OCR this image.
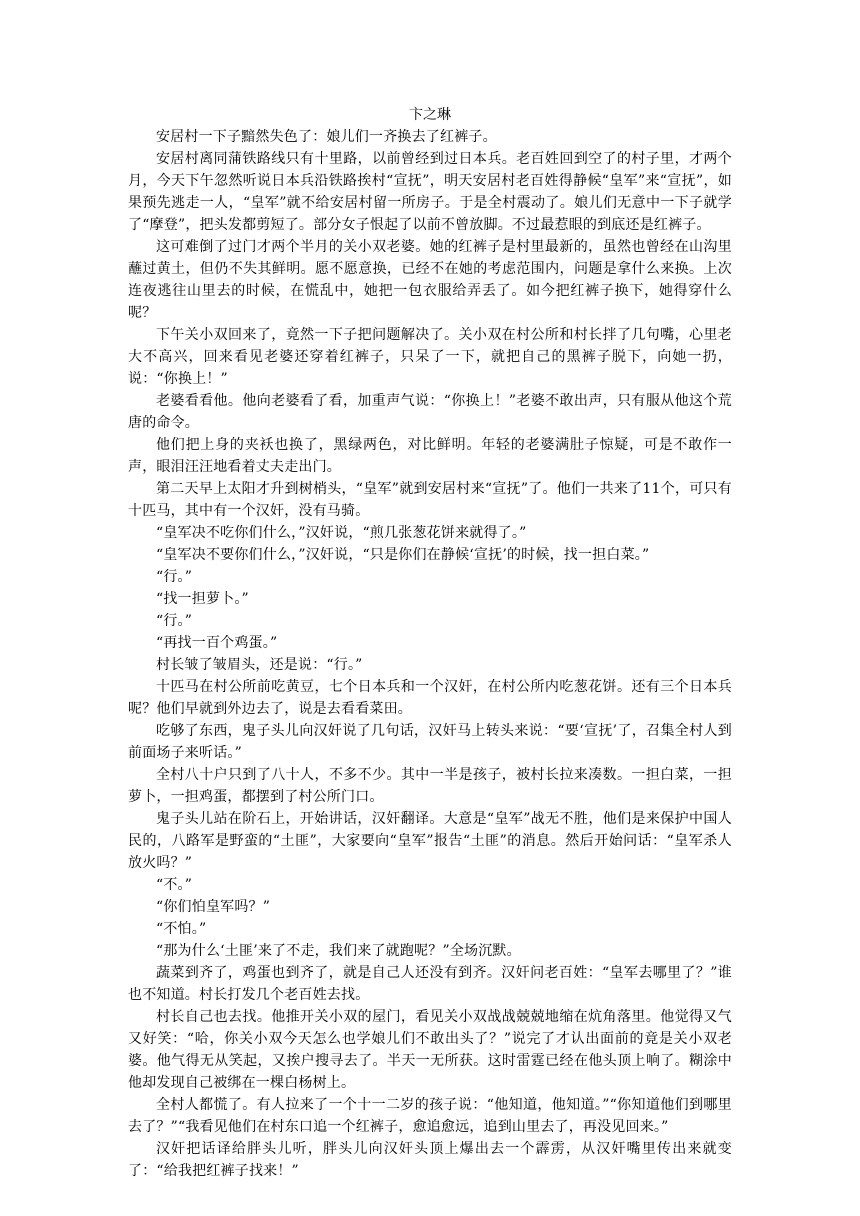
卞之琳

安居村一下子黯然失色了：娘儿们一齐换去了红裤子。

安居村离同蒲铁路线只有十里路，以前曾经到过日本兵。老百姓回到空了的村子里，才两个月，今天下午忽然听说日本兵沿铁路挨村“宣抚”，明天安居村老百姓得静候“皇军”来“宣抚”，如果预先逃走一人，“皇军”就不给安居村留一所房子。于是全村震动了。娘儿们无意中一下子就学了“摩登”，把头发都剪短了。部分女子恨起了以前不曾放脚。不过最惹眼的到底还是红裤子。

这可难倒了过门才两个半月的关小双老婆。她的红裤子是村里最新的，虽然也曾经在山沟里蘸过黄土，但仍不失其鲜明。愿不愿意换，已经不在她的考虑范围内，问题是拿什么来换。上次连夜逃往山里去的时候，在慌乱中，她把一包衣服给弄丢了。如今把红裤子换下，她得穿什么呢？

下午关小双回来了，竟然一下子把问题解决了。关小双在村公所和村长拌了几句嘴，心里老大不高兴，回来看见老婆还穿着红裤子，只呆了一下，就把自己的黑裤子脱下，向她一扔，说：“你换上！”

老婆看看他。他向老婆看了看，加重声气说：“你换上！”老婆不敢出声，只有服从他这个荒唐的命令。

他们把上身的夹袄也换了，黑绿两色，对比鲜明。年轻的老婆满肚子惊疑，可是不敢作一声，眼泪汪汪地看着丈夫走出门。

第二天早上太阳才升到树梢头，“皇军”就到安居村来“宣抚”了。他们一共来了11个，可只有十匹马，其中有一个汉奸，没有马骑。

“皇军决不吃你们什么，”汉奸说，“煎几张葱花饼来就得了。”

“皇军决不要你们什么，”汉奸说，“只是你们在静候‘宣抚’的时候，找一担白菜。”

“行。”

“找一担萝卜。”

“行。”

“再找一百个鸡蛋。”

村长皱了皱眉头，还是说：“行。”

十匹马在村公所前吃黄豆，七个日本兵和一个汉奸，在村公所内吃葱花饼。还有三个日本兵呢？他们早就到外边去了，说是去看看菜田。

吃够了东西，鬼子头儿向汉奸说了几句话，汉奸马上转头来说：“要‘宣抚’了，召集全村人到前面场子来听话。”

全村八十户只到了八十人，不多不少。其中一半是孩子，被村长拉来凑数。一担白菜，一担萝卜，一担鸡蛋，都摆到了村公所门口。

鬼子头儿站在阶石上，开始讲话，汉奸翻译。大意是“皇军”战无不胜，他们是来保护中国人民的，八路军是野蛮的“土匪”，大家要向“皇军”报告“土匪”的消息。然后开始问话：“皇军杀人放火吗？”

“不。”

“你们怕皇军吗？”

“不怕。”

“那为什么‘土匪’来了不走，我们来了就跑呢？”全场沉默。

蔬菜到齐了，鸡蛋也到齐了，就是自己人还没有到齐。汉奸问老百姓：“皇军去哪里了？”谁也不知道。村长打发几个老百姓去找。

村长自己也去找。他推开关小双的屋门，看见关小双战战兢兢地缩在炕角落里。他觉得又气又好笑：“哈，你关小双今天怎么也学娘儿们不敢出头了？”说完了才认出面前的竟是关小双老婆。他气得无从笑起，又挨户搜寻去了。半天一无所获。这时雷霆已经在他头顶上响了。糊涂中他却发现自己被绑在一棵白杨树上。

全村人都慌了。有人拉来了一个十一二岁的孩子说：“他知道，他知道。”“你知道他们到哪里去了？”“我看见他们在村东口追一个红裤子，愈追愈远，追到山里去了，再没见回来。”

汉奸把话译给胖头儿听，胖头儿向汉奸头顶上爆出去一个霹雳，从汉奸嘴里传出来就变了：“给我把红裤子找来！”
